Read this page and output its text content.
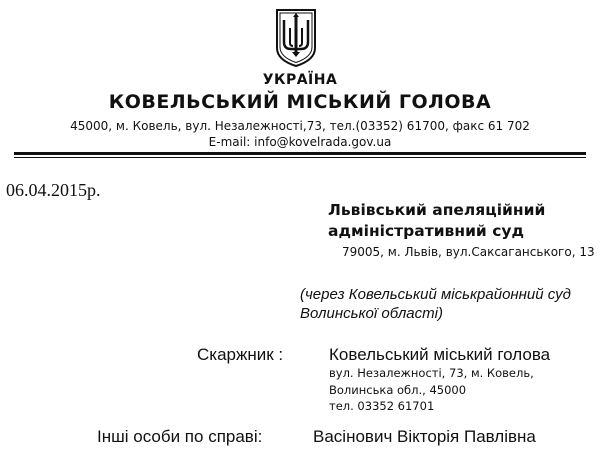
УКРАЇНА
КОВЕЛЬСЬКИЙ МІСЬКИЙ ГОЛОВА
45000, м. Ковель, вул. Незалежності,73, тел.(03352) 61700, факс 61 702
E-mail: info@kovelrada.gov.ua
06.04.2015р.
Львівський апеляційний
адміністративний суд
79005, м. Львів, вул.Саксаганського, 13
(через Ковельський міськрайонний суд
Волинської області)
Скаржник :	Ковельський міський голова
вул. Незалежності, 73, м. Ковель,
Волинська обл., 45000
тел. 03352 61701
Інші особи по справі:	Васінович Вікторія Павлівна
